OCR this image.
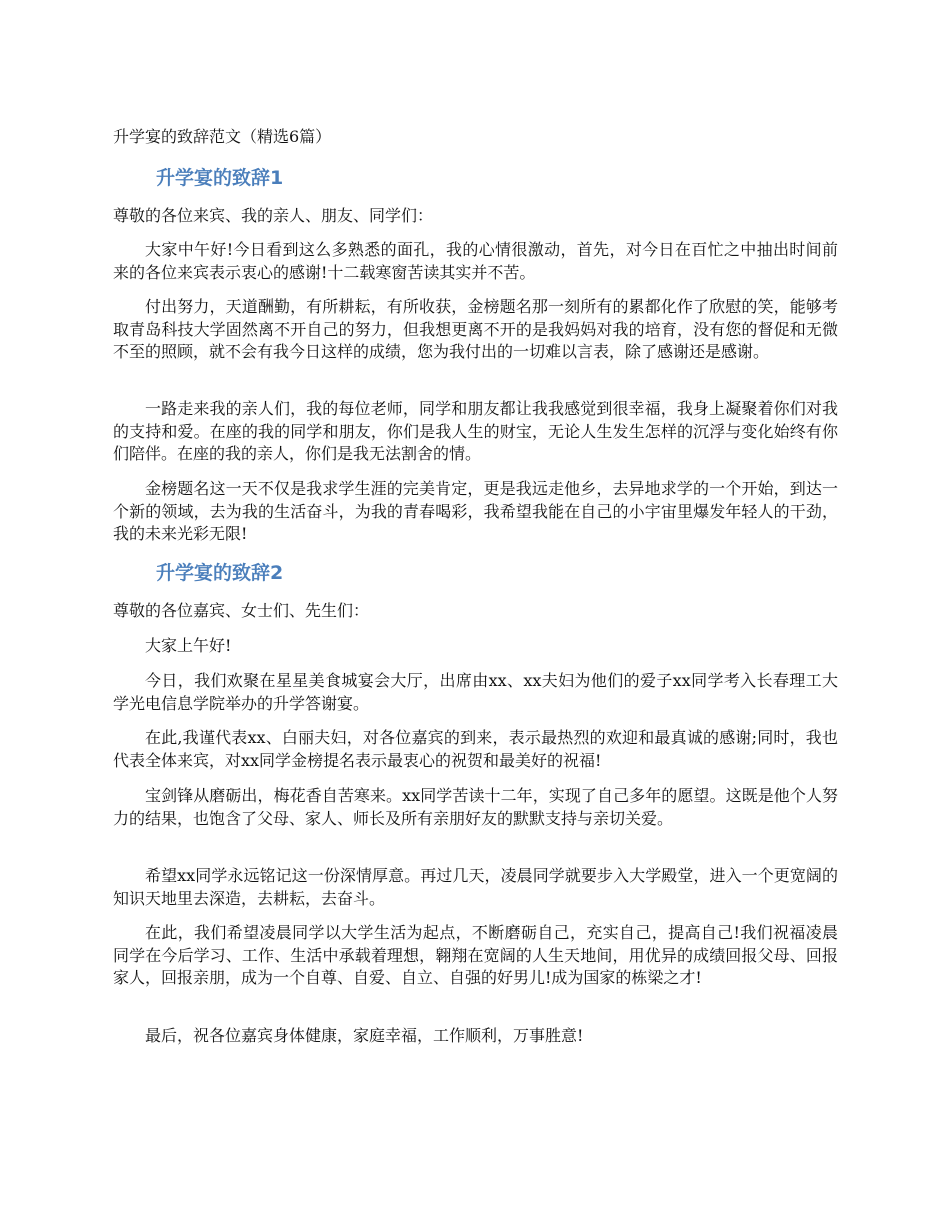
升学宴的致辞范文（精选6篇）
升学宴的致辞1
尊敬的各位来宾、我的亲人、朋友、同学们：

大家中午好!今日看到这么多熟悉的面孔，我的心情很激动，首先，对今日在百忙之中抽出时间前来的各位来宾表示衷心的感谢!十二载寒窗苦读其实并不苦。

付出努力，天道酬勤，有所耕耘，有所收获，金榜题名那一刻所有的累都化作了欣慰的笑，能够考取青岛科技大学固然离不开自己的努力，但我想更离不开的是我妈妈对我的培育，没有您的督促和无微不至的照顾，就不会有我今日这样的成绩，您为我付出的一切难以言表，除了感谢还是感谢。

一路走来我的亲人们，我的每位老师，同学和朋友都让我我感觉到很幸福，我身上凝聚着你们对我的支持和爱。在座的我的同学和朋友，你们是我人生的财宝，无论人生发生怎样的沉浮与变化始终有你们陪伴。在座的我的亲人，你们是我无法割舍的情。

金榜题名这一天不仅是我求学生涯的完美肯定，更是我远走他乡，去异地求学的一个开始，到达一个新的领域，去为我的生活奋斗，为我的青春喝彩，我希望我能在自己的小宇宙里爆发年轻人的干劲，我的未来光彩无限!

升学宴的致辞2
尊敬的各位嘉宾、女士们、先生们：

大家上午好!

今日，我们欢聚在星星美食城宴会大厅，出席由xx、xx夫妇为他们的爱子xx同学考入长春理工大学光电信息学院举办的升学答谢宴。

在此,我谨代表xx、白丽夫妇，对各位嘉宾的到来，表示最热烈的欢迎和最真诚的感谢;同时，我也代表全体来宾，对xx同学金榜提名表示最衷心的祝贺和最美好的祝福!

宝剑锋从磨砺出，梅花香自苦寒来。xx同学苦读十二年，实现了自己多年的愿望。这既是他个人努力的结果，也饱含了父母、家人、师长及所有亲朋好友的默默支持与亲切关爱。

希望xx同学永远铭记这一份深情厚意。再过几天，凌晨同学就要步入大学殿堂，进入一个更宽阔的知识天地里去深造，去耕耘，去奋斗。

在此，我们希望凌晨同学以大学生活为起点，不断磨砺自己，充实自己，提高自己!我们祝福凌晨同学在今后学习、工作、生活中承载着理想，翱翔在宽阔的人生天地间，用优异的成绩回报父母、回报家人，回报亲朋，成为一个自尊、自爱、自立、自强的好男儿!成为国家的栋梁之才!

最后，祝各位嘉宾身体健康，家庭幸福，工作顺利，万事胜意!
